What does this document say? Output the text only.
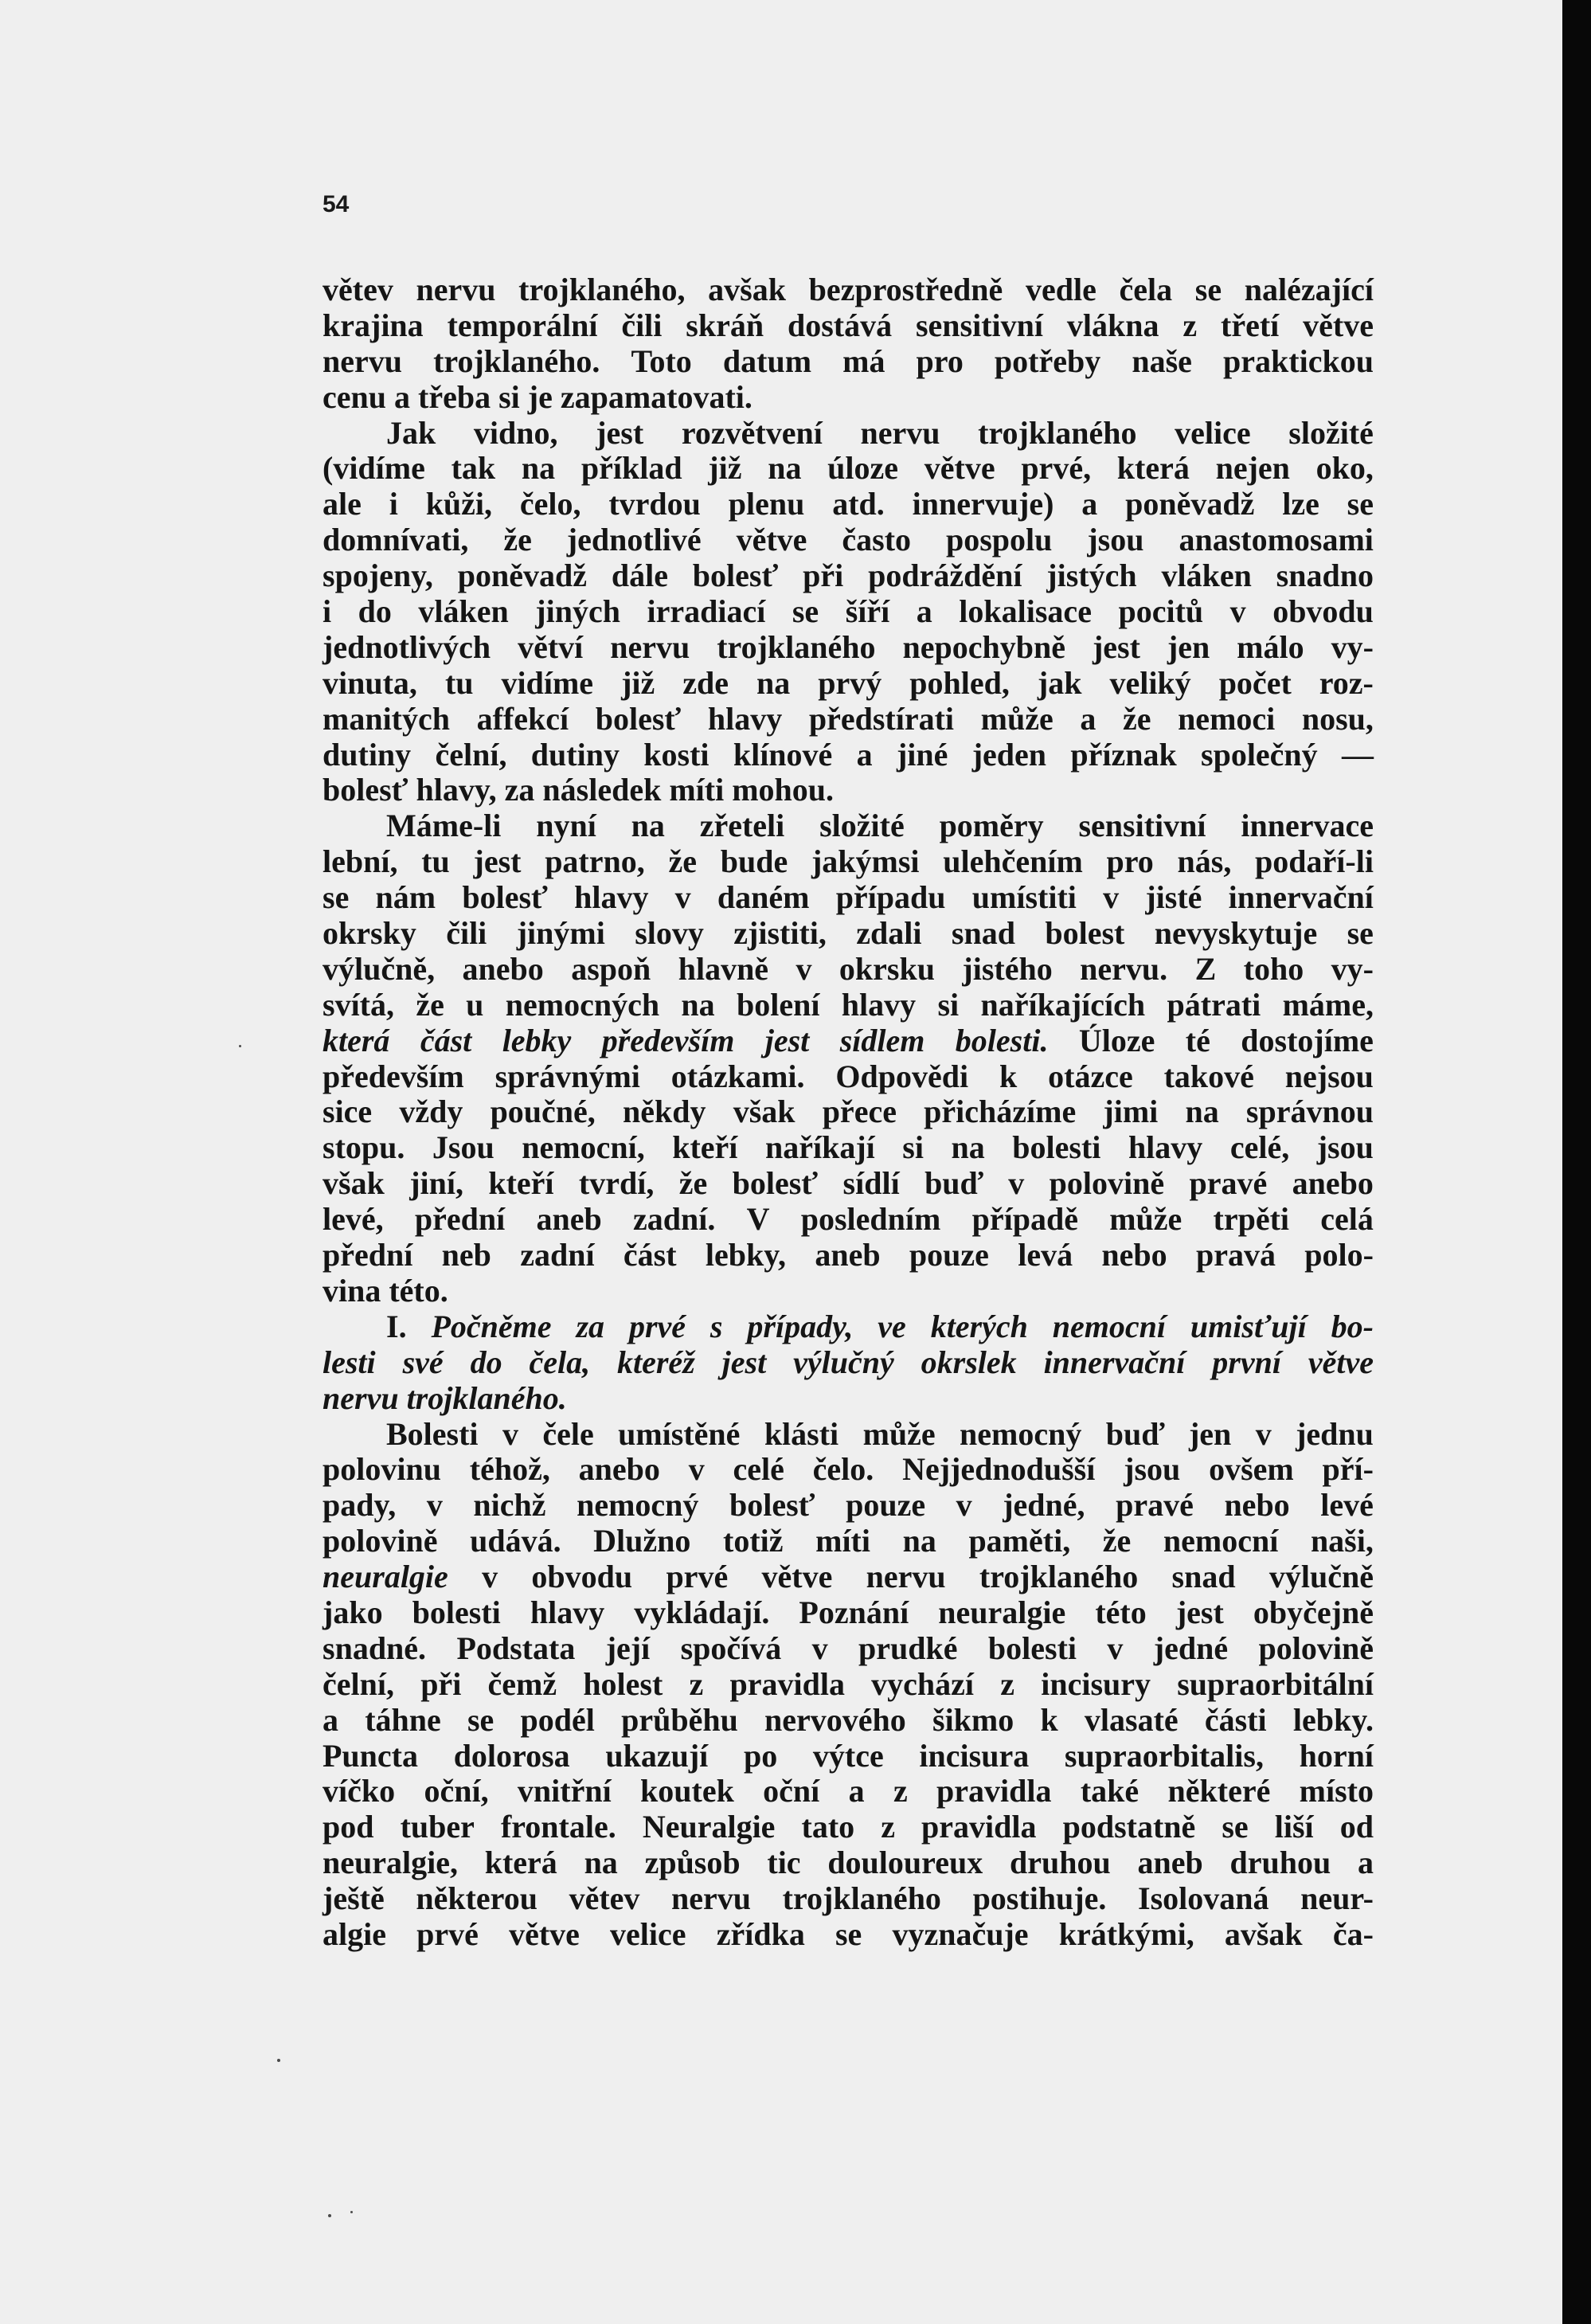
54
větev nervu trojklaného, avšak bezprostředně vedle čela se nalézající
krajina temporální čili skráň dostává sensitivní vlákna z třetí větve
nervu trojklaného. Toto datum má pro potřeby naše praktickou
cenu a třeba si je zapamatovati.
Jak vidno, jest rozvětvení nervu trojklaného velice složité
(vidíme tak na příklad již na úloze větve prvé, která nejen oko,
ale i kůži, čelo, tvrdou plenu atd. innervuje) a poněvadž lze se
domnívati, že jednotlivé větve často pospolu jsou anastomosami
spojeny, poněvadž dále bolesť při podráždění jistých vláken snadno
i do vláken jiných irradiací se šíří a lokalisace pocitů v obvodu
jednotlivých větví nervu trojklaného nepochybně jest jen málo vy-
vinuta, tu vidíme již zde na prvý pohled, jak veliký počet roz-
manitých affekcí bolesť hlavy předstírati může a že nemoci nosu,
dutiny čelní, dutiny kosti klínové a jiné jeden příznak společný —
bolesť hlavy, za následek míti mohou.
Máme-li nyní na zřeteli složité poměry sensitivní innervace
lební, tu jest patrno, že bude jakýmsi ulehčením pro nás, podaří-li
se nám bolesť hlavy v daném případu umístiti v jisté innervační
okrsky čili jinými slovy zjistiti, zdali snad bolest nevyskytuje se
výlučně, anebo aspoň hlavně v okrsku jistého nervu. Z toho vy-
svítá, že u nemocných na bolení hlavy si naříkajících pátrati máme,
která část lebky především jest sídlem bolesti. Úloze té dostojíme
především správnými otázkami. Odpovědi k otázce takové nejsou
sice vždy poučné, někdy však přece přicházíme jimi na správnou
stopu. Jsou nemocní, kteří naříkají si na bolesti hlavy celé, jsou
však jiní, kteří tvrdí, že bolesť sídlí buď v polovině pravé anebo
levé, přední aneb zadní. V posledním případě může trpěti celá
přední neb zadní část lebky, aneb pouze levá nebo pravá polo-
vina této.
I. Počněme za prvé s případy, ve kterých nemocní umisťují bo-
lesti své do čela, kteréž jest výlučný okrslek innervační první větve
nervu trojklaného.
Bolesti v čele umístěné klásti může nemocný buď jen v jednu
polovinu téhož, anebo v celé čelo. Nejjednodušší jsou ovšem pří-
pady, v nichž nemocný bolesť pouze v jedné, pravé nebo levé
polovině udává. Dlužno totiž míti na paměti, že nemocní naši,
neuralgie v obvodu prvé větve nervu trojklaného snad výlučně
jako bolesti hlavy vykládají. Poznání neuralgie této jest obyčejně
snadné. Podstata její spočívá v prudké bolesti v jedné polovině
čelní, při čemž holest z pravidla vychází z incisury supraorbitální
a táhne se podél průběhu nervového šikmo k vlasaté části lebky.
Puncta dolorosa ukazují po výtce incisura supraorbitalis, horní
víčko oční, vnitřní koutek oční a z pravidla také některé místo
pod tuber frontale. Neuralgie tato z pravidla podstatně se liší od
neuralgie, která na způsob tic douloureux druhou aneb druhou a
ještě některou větev nervu trojklaného postihuje. Isolovaná neur-
algie prvé větve velice zřídka se vyznačuje krátkými, avšak ča-
